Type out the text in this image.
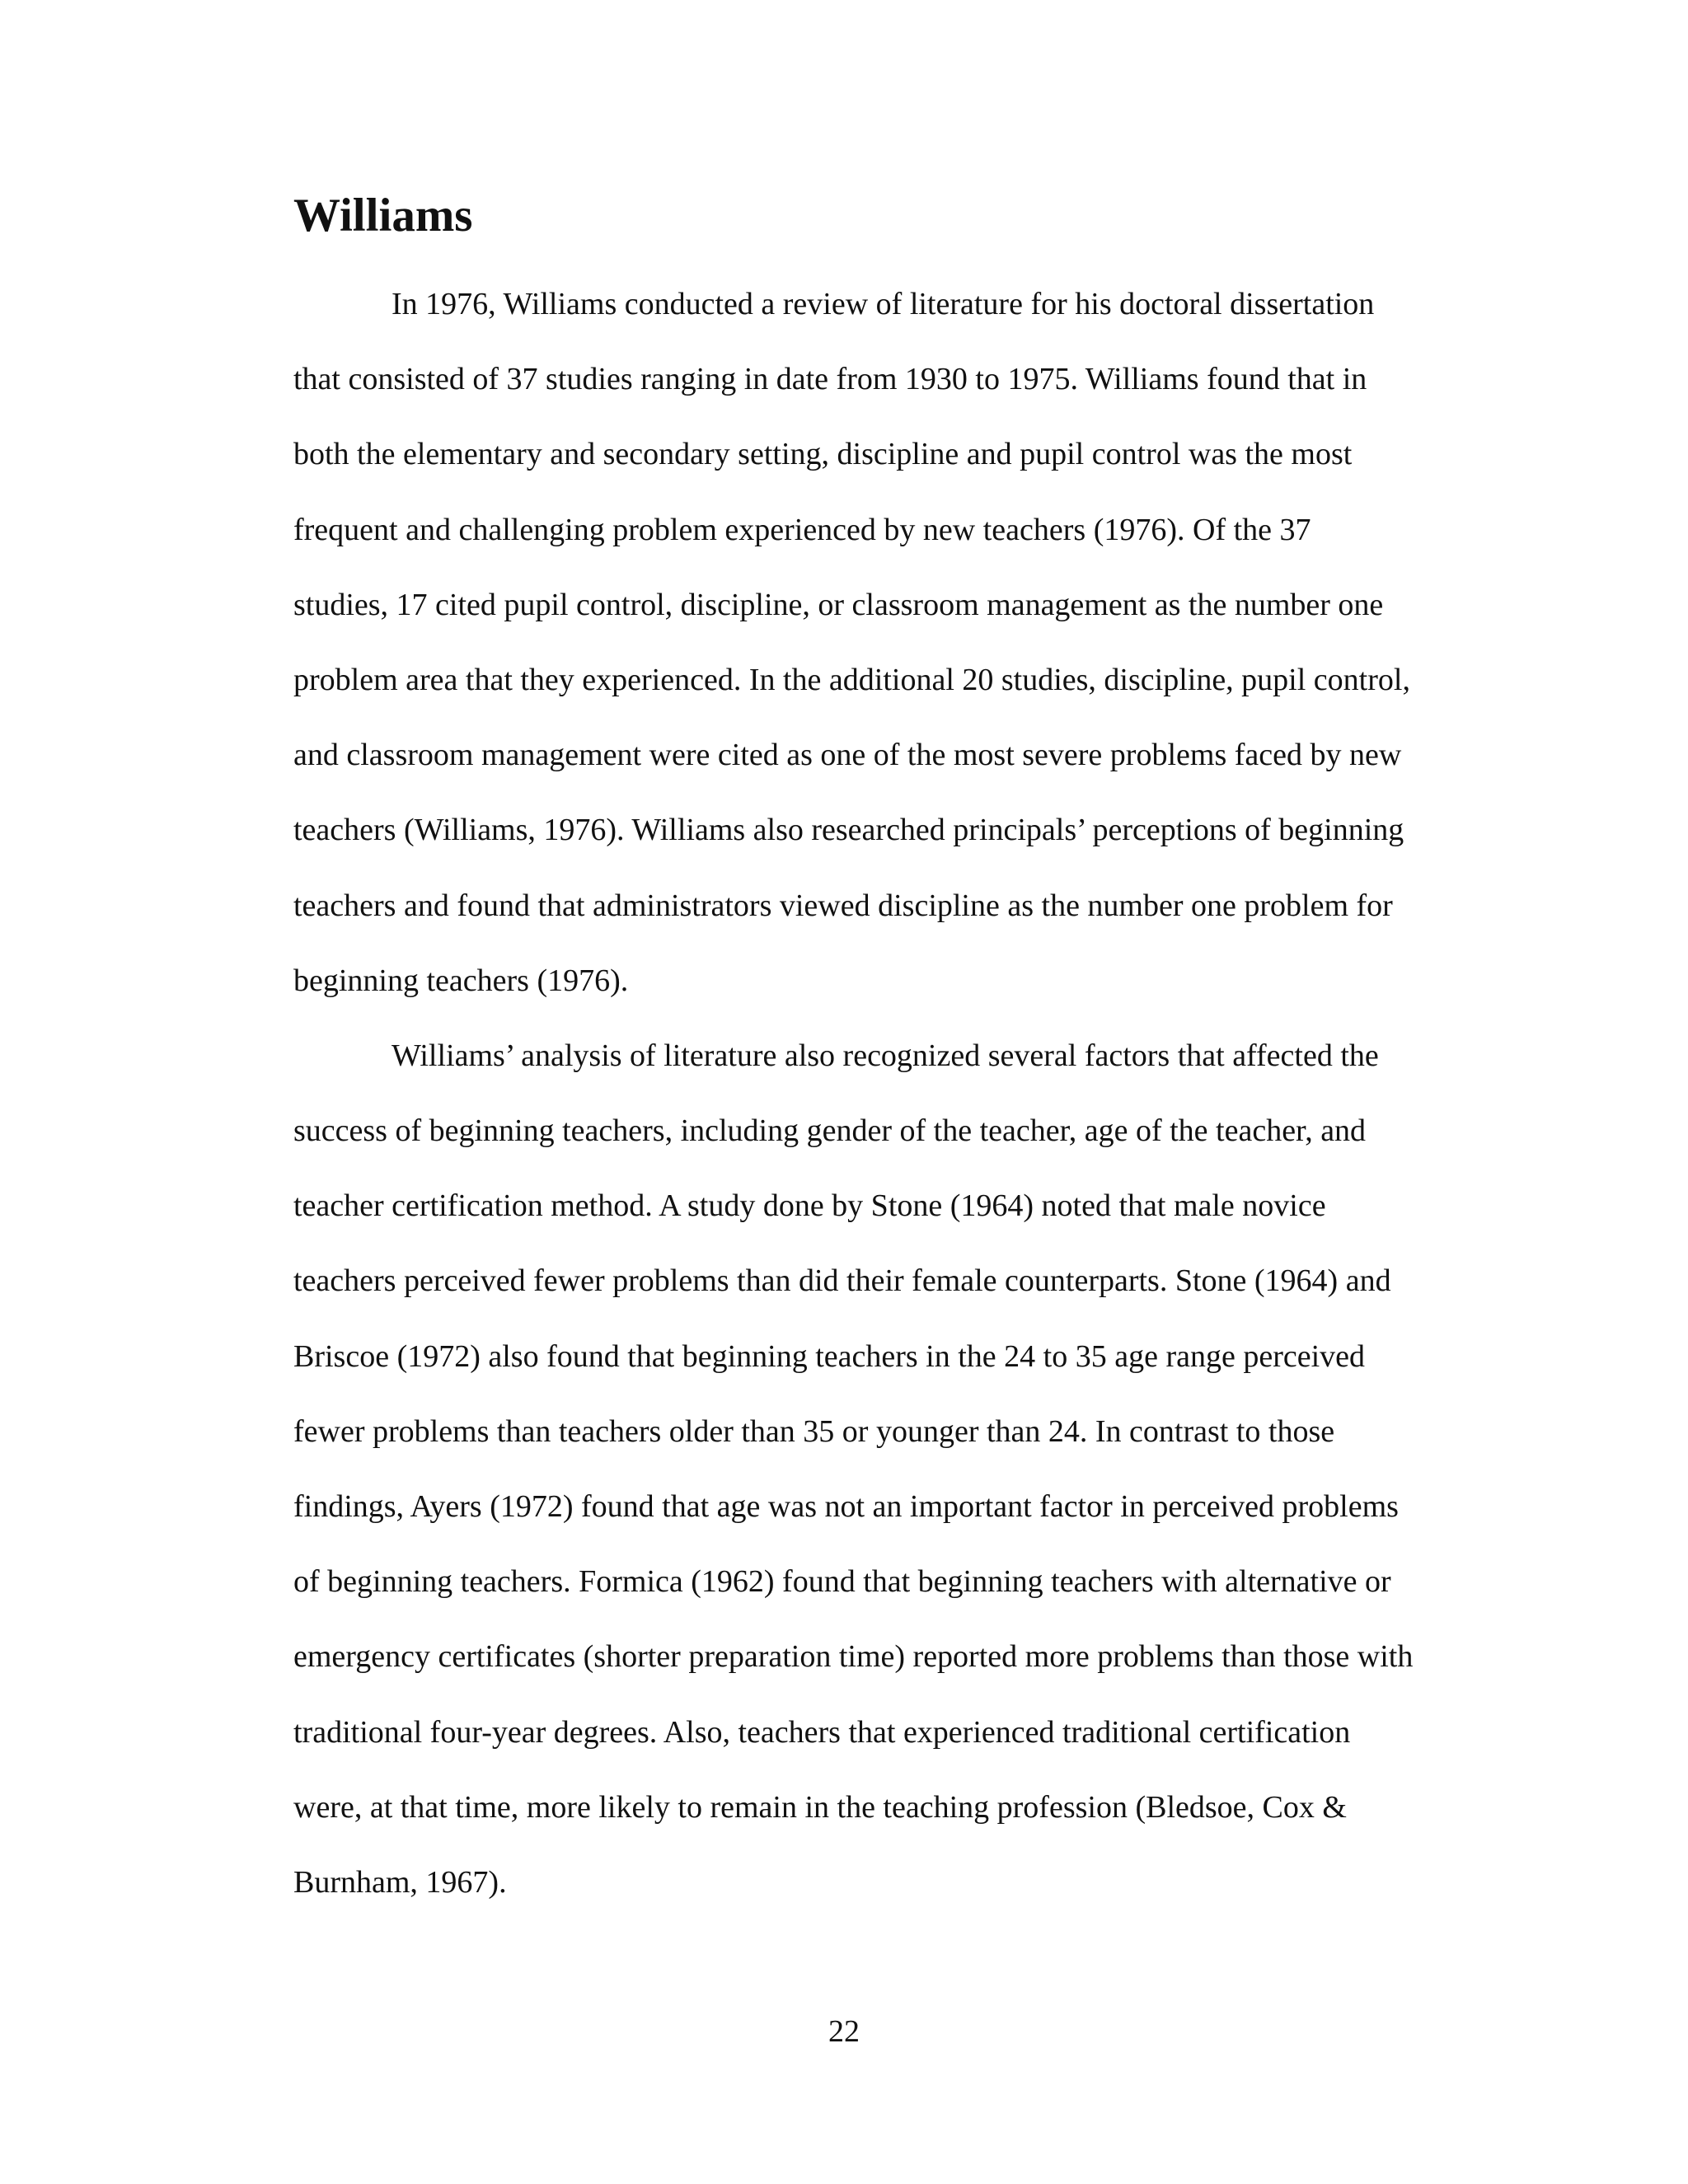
Williams
In 1976, Williams conducted a review of literature for his doctoral dissertation
that consisted of 37 studies ranging in date from 1930 to 1975. Williams found that in
both the elementary and secondary setting, discipline and pupil control was the most
frequent and challenging problem experienced by new teachers (1976). Of the 37
studies, 17 cited pupil control, discipline, or classroom management as the number one
problem area that they experienced. In the additional 20 studies, discipline, pupil control,
and classroom management were cited as one of the most severe problems faced by new
teachers (Williams, 1976). Williams also researched principals’ perceptions of beginning
teachers and found that administrators viewed discipline as the number one problem for
beginning teachers (1976).
Williams’ analysis of literature also recognized several factors that affected the
success of beginning teachers, including gender of the teacher, age of the teacher, and
teacher certification method. A study done by Stone (1964) noted that male novice
teachers perceived fewer problems than did their female counterparts. Stone (1964) and
Briscoe (1972) also found that beginning teachers in the 24 to 35 age range perceived
fewer problems than teachers older than 35 or younger than 24. In contrast to those
findings, Ayers (1972) found that age was not an important factor in perceived problems
of beginning teachers. Formica (1962) found that beginning teachers with alternative or
emergency certificates (shorter preparation time) reported more problems than those with
traditional four-year degrees. Also, teachers that experienced traditional certification
were, at that time, more likely to remain in the teaching profession (Bledsoe, Cox &
Burnham, 1967).
22
